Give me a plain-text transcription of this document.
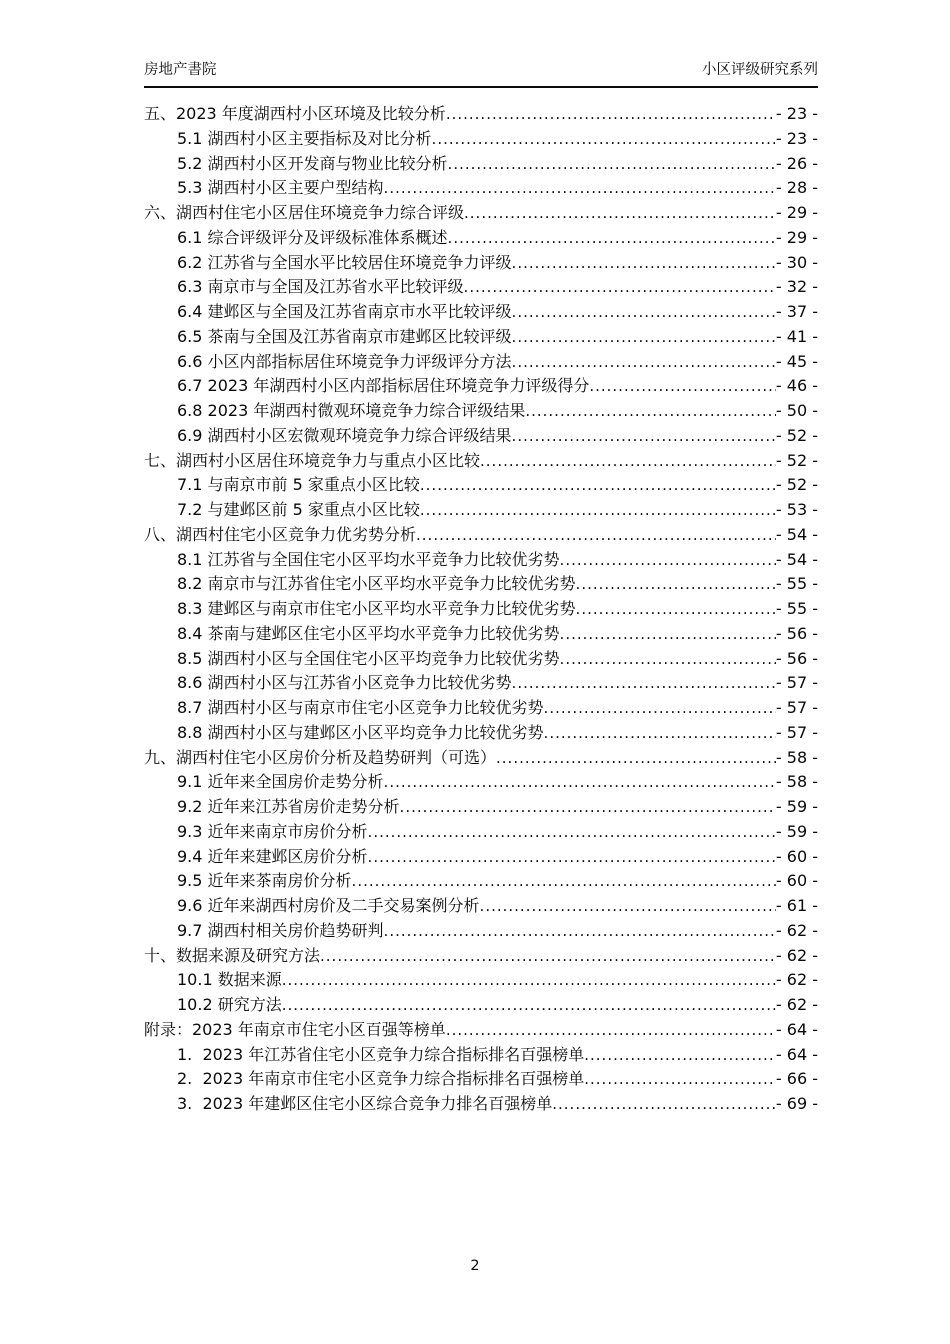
房地产書院	小区评级研究系列
五、2023 年度湖西村小区环境及比较分析 .....	- 23 -
5.1 湖西村小区主要指标及对比分析 .....	- 23 -
5.2 湖西村小区开发商与物业比较分析 .....	- 26 -
5.3 湖西村小区主要户型结构 .....	- 28 -
六、湖西村住宅小区居住环境竞争力综合评级 .....	- 29 -
6.1 综合评级评分及评级标准体系概述 .....	- 29 -
6.2 江苏省与全国水平比较居住环境竞争力评级 .....	- 30 -
6.3 南京市与全国及江苏省水平比较评级 .....	- 32 -
6.4 建邺区与全国及江苏省南京市水平比较评级 .....	- 37 -
6.5 茶南与全国及江苏省南京市建邺区比较评级 .....	- 41 -
6.6 小区内部指标居住环境竞争力评级评分方法 .....	- 45 -
6.7 2023 年湖西村小区内部指标居住环境竞争力评级得分 .....	- 46 -
6.8 2023 年湖西村微观环境竞争力综合评级结果 .....	- 50 -
6.9 湖西村小区宏微观环境竞争力综合评级结果 .....	- 52 -
七、湖西村小区居住环境竞争力与重点小区比较 .....	- 52 -
7.1 与南京市前 5 家重点小区比较 .....	- 52 -
7.2 与建邺区前 5 家重点小区比较 .....	- 53 -
八、湖西村住宅小区竞争力优劣势分析 .....	- 54 -
8.1 江苏省与全国住宅小区平均水平竞争力比较优劣势 .....	- 54 -
8.2 南京市与江苏省住宅小区平均水平竞争力比较优劣势 .....	- 55 -
8.3 建邺区与南京市住宅小区平均水平竞争力比较优劣势 .....	- 55 -
8.4 茶南与建邺区住宅小区平均水平竞争力比较优劣势 .....	- 56 -
8.5 湖西村小区与全国住宅小区平均竞争力比较优劣势 .....	- 56 -
8.6 湖西村小区与江苏省小区竞争力比较优劣势 .....	- 57 -
8.7 湖西村小区与南京市住宅小区竞争力比较优劣势 .....	- 57 -
8.8 湖西村小区与建邺区小区平均竞争力比较优劣势 .....	- 57 -
九、湖西村住宅小区房价分析及趋势研判（可选） .....	- 58 -
9.1 近年来全国房价走势分析 .....	- 58 -
9.2 近年来江苏省房价走势分析 .....	- 59 -
9.3 近年来南京市房价分析 .....	- 59 -
9.4 近年来建邺区房价分析 .....	- 60 -
9.5 近年来茶南房价分析 .....	- 60 -
9.6 近年来湖西村房价及二手交易案例分析 .....	- 61 -
9.7 湖西村相关房价趋势研判 .....	- 62 -
十、数据来源及研究方法 .....	- 62 -
10.1 数据来源 .....	- 62 -
10.2 研究方法 .....	- 62 -
附录：2023 年南京市住宅小区百强等榜单 .....	- 64 -
1.  2023 年江苏省住宅小区竞争力综合指标排名百强榜单 .....	- 64 -
2.  2023 年南京市住宅小区竞争力综合指标排名百强榜单 .....	- 66 -
3.  2023 年建邺区住宅小区综合竞争力排名百强榜单 .....	- 69 -
2
